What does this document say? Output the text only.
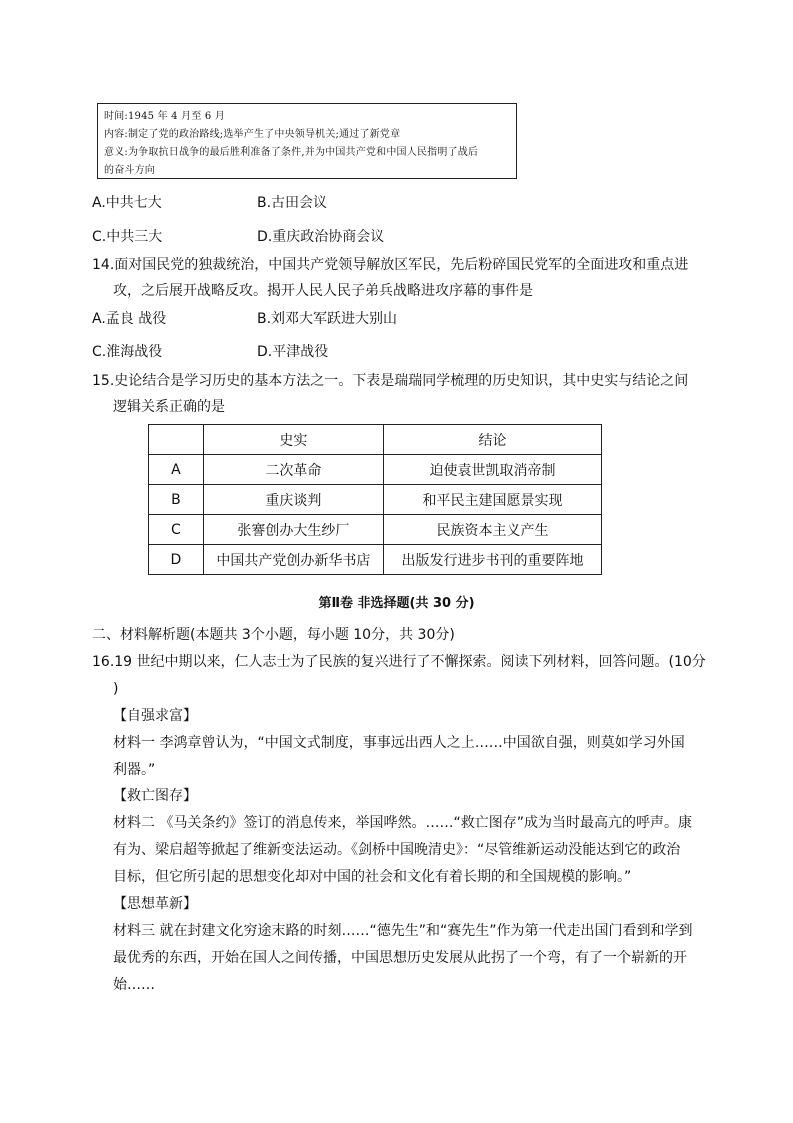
时间:1945 年 4 月至 6 月
内容:制定了党的政治路线;选举产生了中央领导机关;通过了新党章
意义:为争取抗日战争的最后胜利准备了条件,并为中国共产党和中国人民指明了战后
的奋斗方向
A.中共七大	B.古田会议
C.中共三大	D.重庆政治协商会议
14.面对国民党的独裁统治，中国共产党领导解放区军民，先后粉碎国民党军的全面进攻和重点进
攻，之后展开战略反攻。揭开人民人民子弟兵战略进攻序幕的事件是
A.孟良 战役	B.刘邓大军跃进大别山
C.淮海战役	D.平津战役
15.史论结合是学习历史的基本方法之一。下表是瑞瑞同学梳理的历史知识，其中史实与结论之间
逻辑关系正确的是
	史实	结论
A	二次革命	迫使袁世凯取消帝制
B	重庆谈判	和平民主建国愿景实现
C	张謇创办大生纱厂	民族资本主义产生
D	中国共产党创办新华书店	出版发行进步书刊的重要阵地
第Ⅱ卷 非选择题(共 30 分)
二、材料解析题(本题共 3个小题，每小题 10分，共 30分)
16.19 世纪中期以来，仁人志士为了民族的复兴进行了不懈探索。阅读下列材料，回答问题。(10分
)
【自强求富】
材料一 李鸿章曾认为，“中国文式制度，事事远出西人之上……中国欲自强，则莫如学习外国
利器。”
【救亡图存】
材料二 《马关条约》签订的消息传来，举国哗然。……“救亡图存”成为当时最高亢的呼声。康
有为、梁启超等掀起了维新变法运动。《剑桥中国晚清史》：“尽管维新运动没能达到它的政治
目标，但它所引起的思想变化却对中国的社会和文化有着长期的和全国规模的影响。”
【思想革新】
材料三 就在封建文化穷途末路的时刻……“德先生”和“赛先生”作为第一代走出国门看到和学到
最优秀的东西，开始在国人之间传播，中国思想历史发展从此拐了一个弯，有了一个崭新的开
始……
